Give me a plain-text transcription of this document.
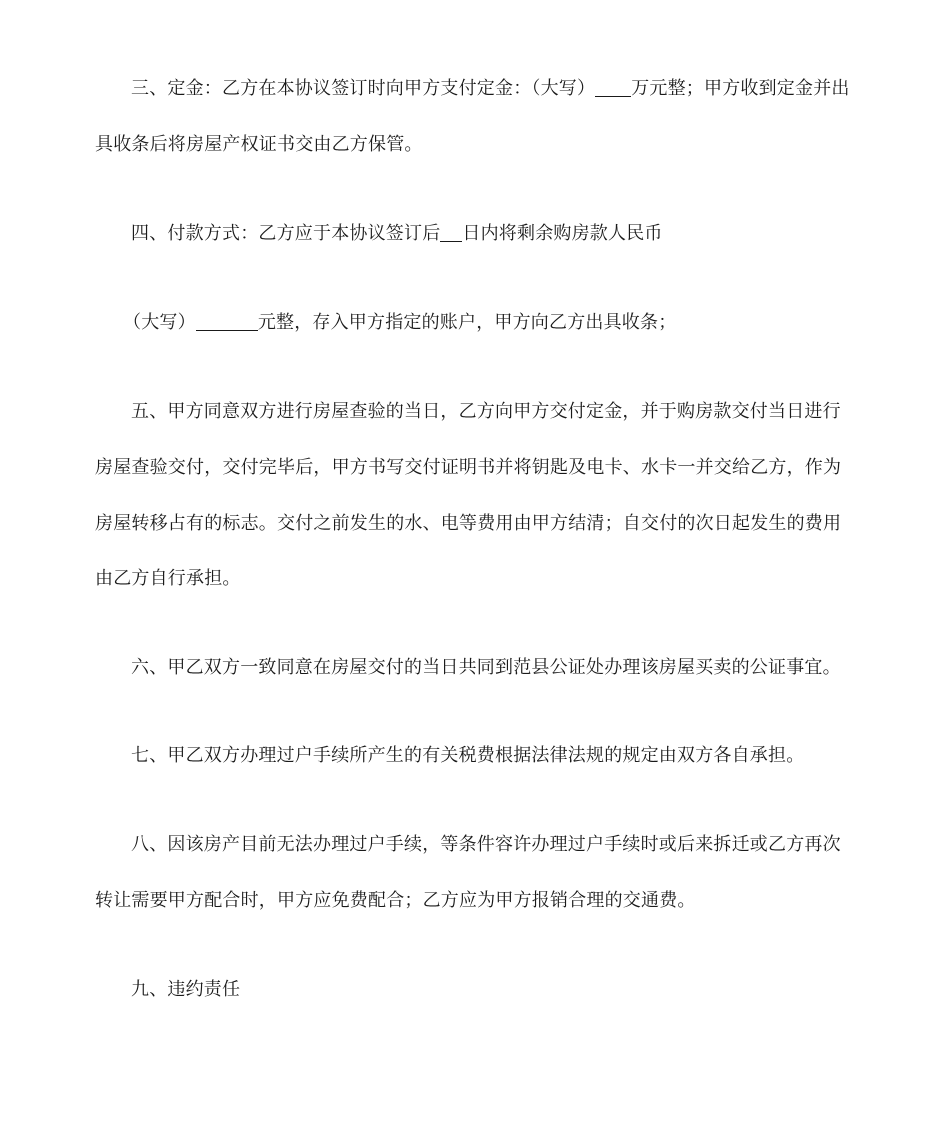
三、定金：乙方在本协议签订时向甲方支付定金：（大写） 万元整；甲方收到定金并出
具收条后将房屋产权证书交由乙方保管。
四、付款方式：乙方应于本协议签订后 日内将剩余购房款人民币
（大写）	元整，存入甲方指定的账户，甲方向乙方出具收条；
五、甲方同意双方进行房屋查验的当日，乙方向甲方交付定金，并于购房款交付当日进行
房屋查验交付，交付完毕后，甲方书写交付证明书并将钥匙及电卡、水卡一并交给乙方，作为
房屋转移占有的标志。交付之前发生的水、电等费用由甲方结清；自交付的次日起发生的费用
由乙方自行承担。
六、甲乙双方一致同意在房屋交付的当日共同到范县公证处办理该房屋买卖的公证事宜。
七、甲乙双方办理过户手续所产生的有关税费根据法律法规的规定由双方各自承担。
八、因该房产目前无法办理过户手续，等条件容许办理过户手续时或后来拆迁或乙方再次
转让需要甲方配合时，甲方应免费配合；乙方应为甲方报销合理的交通费。
九、违约责任
